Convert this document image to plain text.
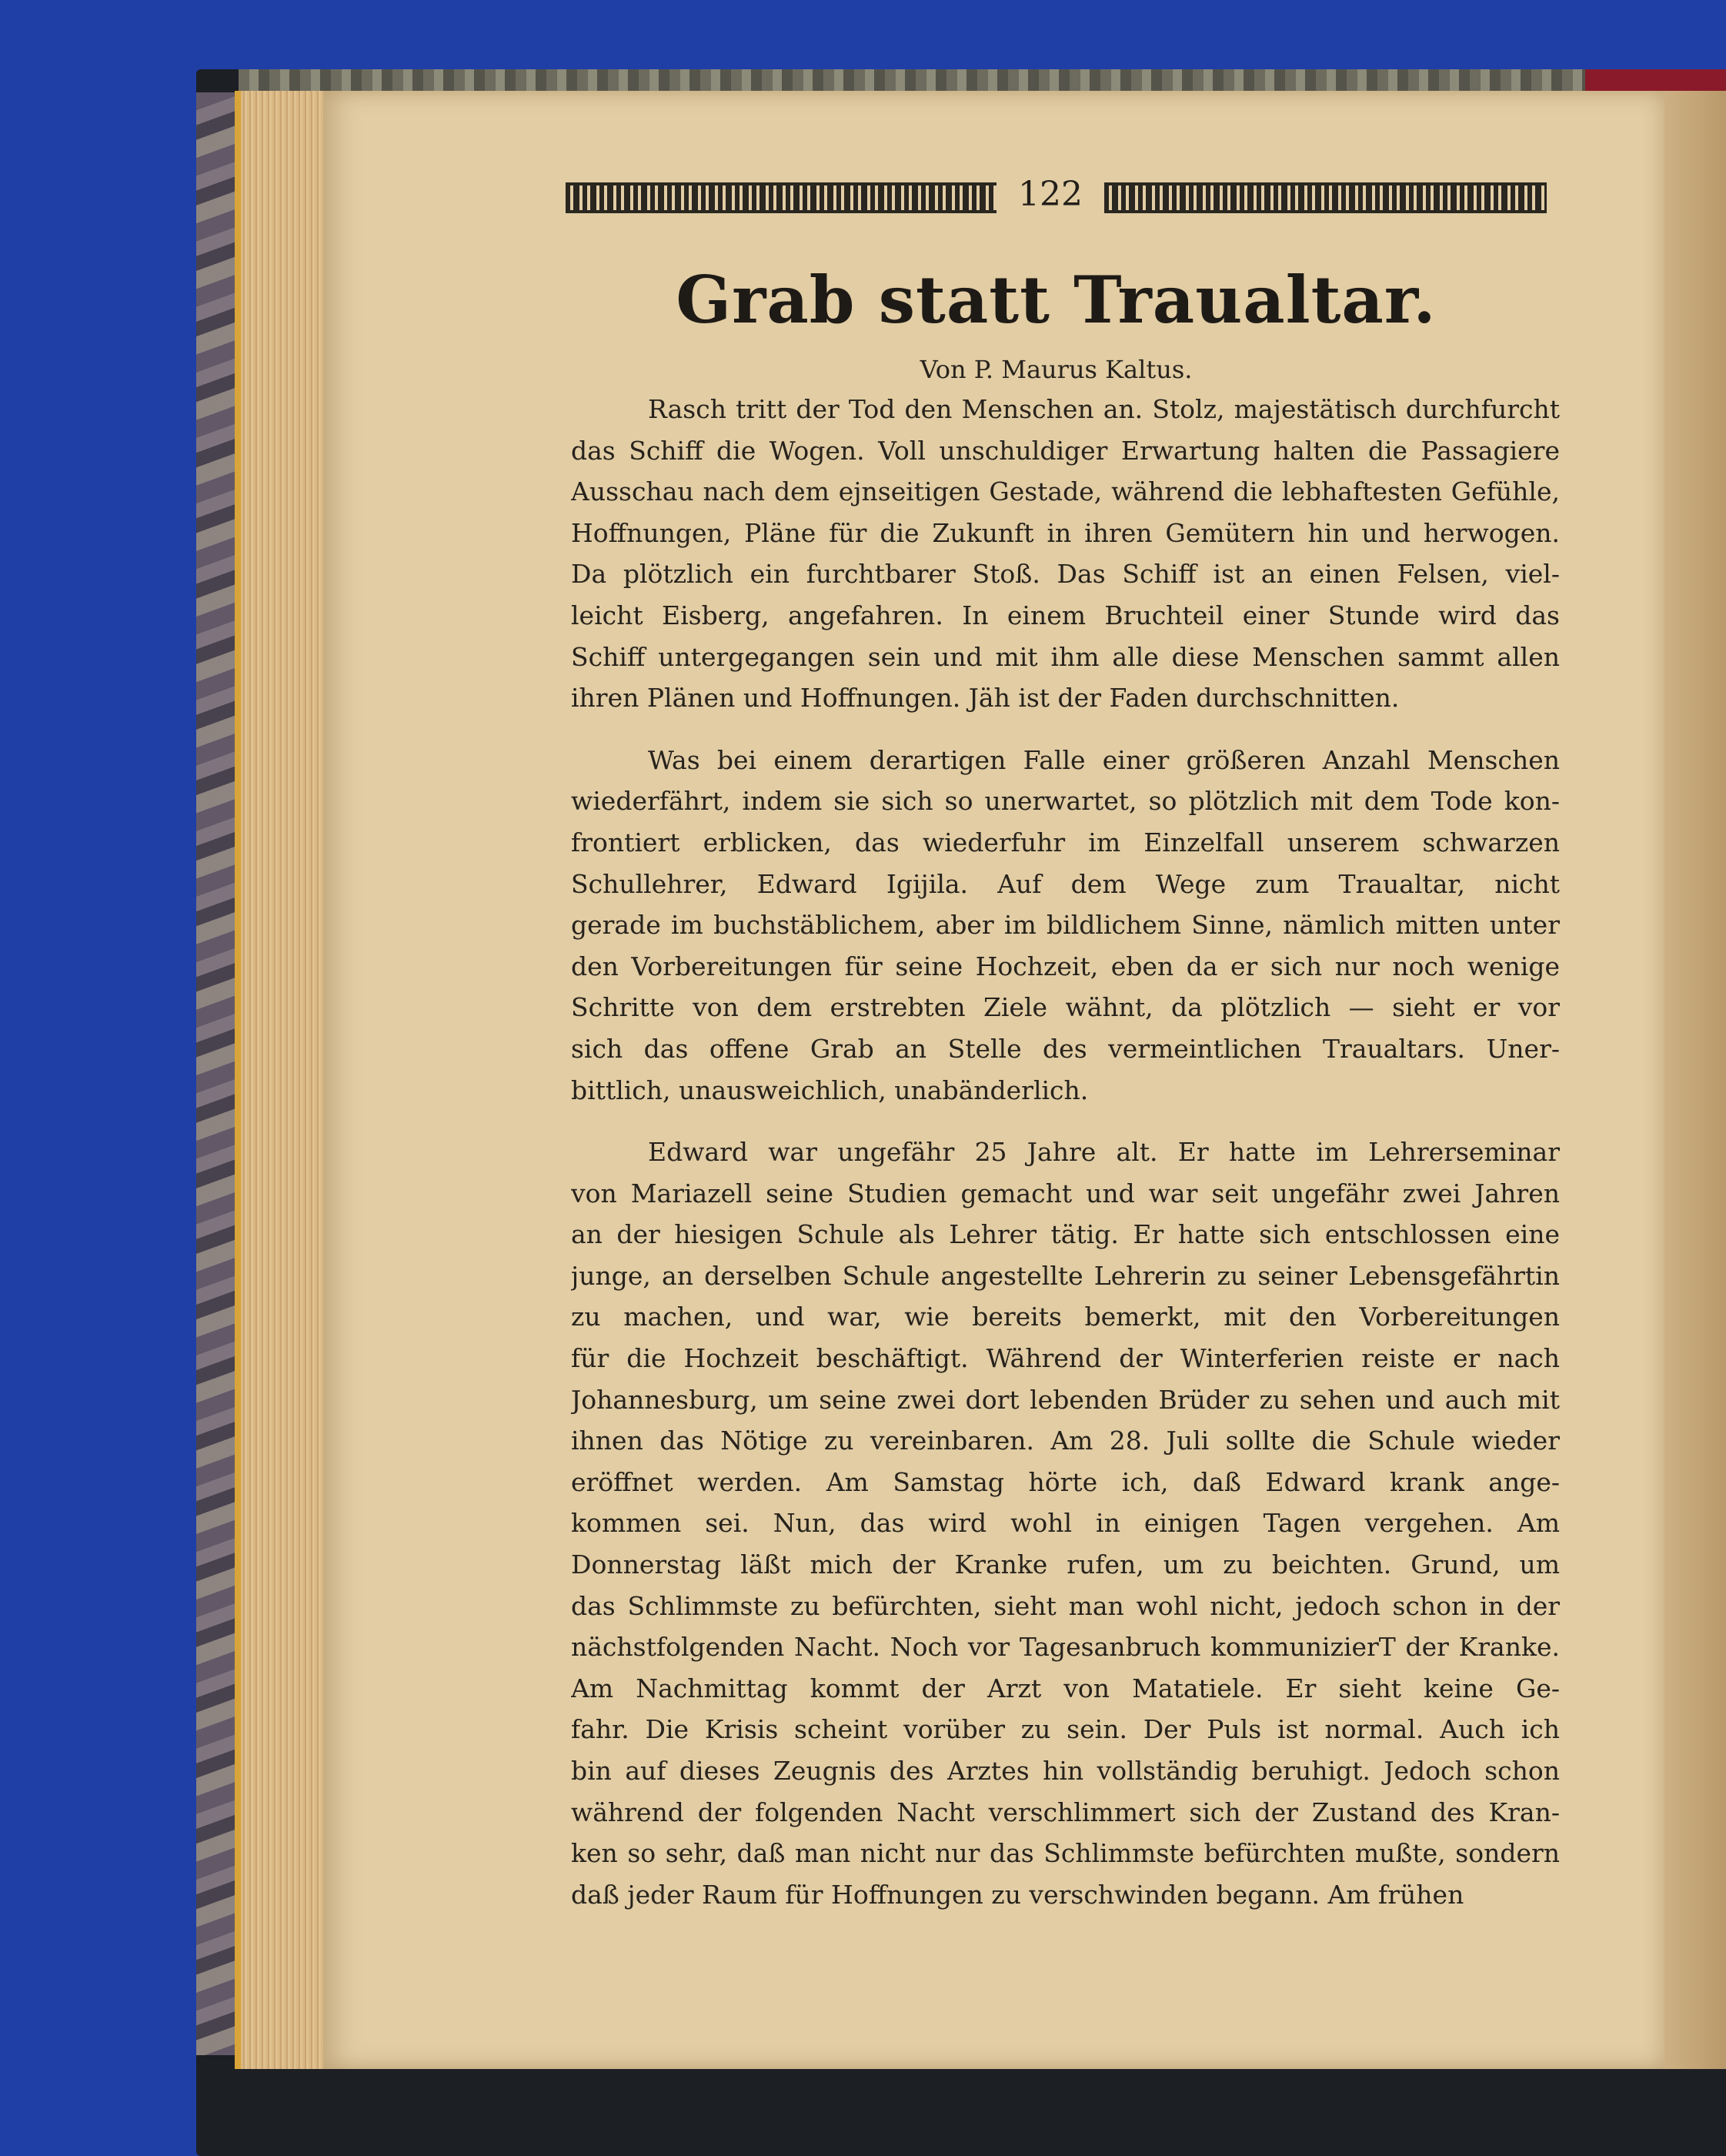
122
Grab statt Traualtar.
Von P. Maurus Kaltus.
Rasch tritt der Tod den Menschen an. Stolz, majestätisch durchfurcht
das Schiff die Wogen. Voll unschuldiger Erwartung halten die Passagiere
Ausschau nach dem ejnseitigen Gestade, während die lebhaftesten Gefühle,
Hoffnungen, Pläne für die Zukunft in ihren Gemütern hin und herwogen.
Da plötzlich ein furchtbarer Stoß. Das Schiff ist an einen Felsen, viel-
leicht Eisberg, angefahren. In einem Bruchteil einer Stunde wird das
Schiff untergegangen sein und mit ihm alle diese Menschen sammt allen
ihren Plänen und Hoffnungen. Jäh ist der Faden durchschnitten.
Was bei einem derartigen Falle einer größeren Anzahl Menschen
wiederfährt, indem sie sich so unerwartet, so plötzlich mit dem Tode kon-
frontiert erblicken, das wiederfuhr im Einzelfall unserem schwarzen
Schullehrer, Edward Igijila. Auf dem Wege zum Traualtar, nicht
gerade im buchstäblichem, aber im bildlichem Sinne, nämlich mitten unter
den Vorbereitungen für seine Hochzeit, eben da er sich nur noch wenige
Schritte von dem erstrebten Ziele wähnt, da plötzlich — sieht er vor
sich das offene Grab an Stelle des vermeintlichen Traualtars. Uner-
bittlich, unausweichlich, unabänderlich.
Edward war ungefähr 25 Jahre alt. Er hatte im Lehrerseminar
von Mariazell seine Studien gemacht und war seit ungefähr zwei Jahren
an der hiesigen Schule als Lehrer tätig. Er hatte sich entschlossen eine
junge, an derselben Schule angestellte Lehrerin zu seiner Lebensgefährtin
zu machen, und war, wie bereits bemerkt, mit den Vorbereitungen
für die Hochzeit beschäftigt. Während der Winterferien reiste er nach
Johannesburg, um seine zwei dort lebenden Brüder zu sehen und auch mit
ihnen das Nötige zu vereinbaren. Am 28. Juli sollte die Schule wieder
eröffnet werden. Am Samstag hörte ich, daß Edward krank ange-
kommen sei. Nun, das wird wohl in einigen Tagen vergehen. Am
Donnerstag läßt mich der Kranke rufen, um zu beichten. Grund, um
das Schlimmste zu befürchten, sieht man wohl nicht, jedoch schon in der
nächstfolgenden Nacht. Noch vor Tagesanbruch kommunizierT der Kranke.
Am Nachmittag kommt der Arzt von Matatiele. Er sieht keine Ge-
fahr. Die Krisis scheint vorüber zu sein. Der Puls ist normal. Auch ich
bin auf dieses Zeugnis des Arztes hin vollständig beruhigt. Jedoch schon
während der folgenden Nacht verschlimmert sich der Zustand des Kran-
ken so sehr, daß man nicht nur das Schlimmste befürchten mußte, sondern
daß jeder Raum für Hoffnungen zu verschwinden begann. Am frühen
